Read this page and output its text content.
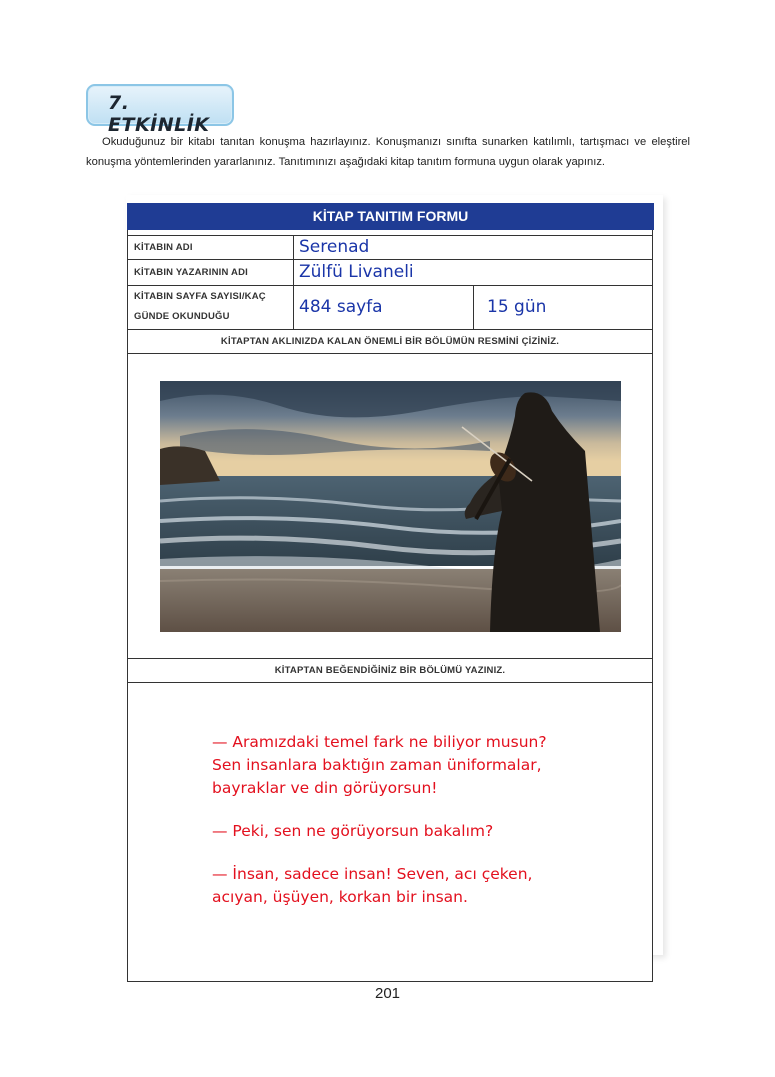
7. ETKİNLİK
Okuduğunuz bir kitabı tanıtan konuşma hazırlayınız. Konuşmanızı sınıfta sunarken katılımlı, tartışmacı ve eleştirel konuşma yöntemlerinden yararlanınız. Tanıtımınızı aşağıdaki kitap tanıtım formuna uygun olarak yapınız.
KİTAP TANITIM FORMU
KİTABIN ADI	Serenad
KİTABIN YAZARININ ADI	Zülfü Livaneli
KİTABIN SAYFA SAYISI/KAÇ
GÜNDE OKUNDUĞU	484 sayfa	15 gün
KİTAPTAN AKLINIZDA KALAN ÖNEMLİ BİR BÖLÜMÜN RESMİNİ ÇİZİNİZ.
KİTAPTAN BEĞENDİĞİNİZ BİR BÖLÜMÜ YAZINIZ.

— Aramızdaki temel fark ne biliyor musun?
Sen insanlara baktığın zaman üniformalar,
bayraklar ve din görüyorsun!

— Peki, sen ne görüyorsun bakalım?

— İnsan, sadece insan! Seven, acı çeken,
acıyan, üşüyen, korkan bir insan.

201
